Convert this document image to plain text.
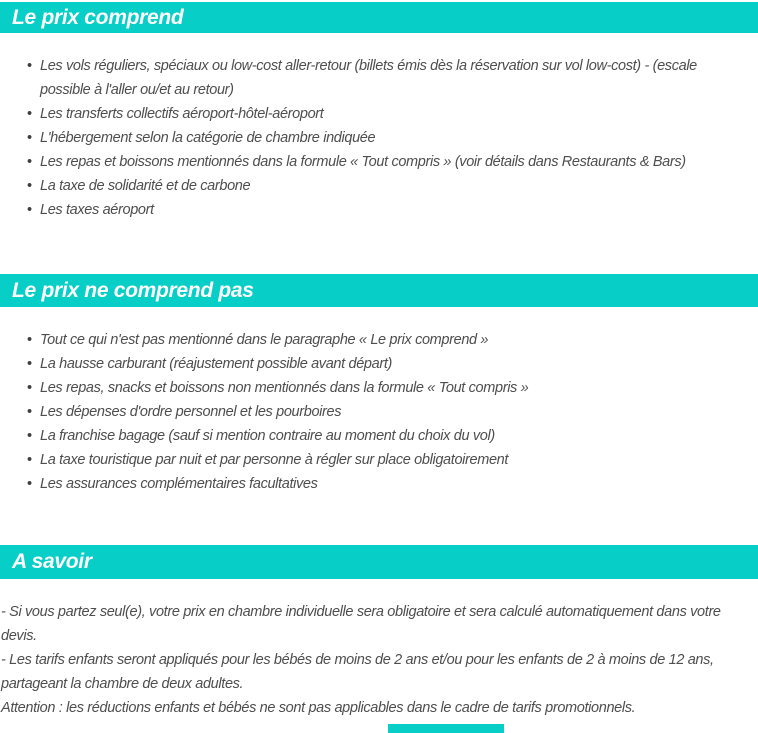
Le prix comprend
• Les vols réguliers, spéciaux ou low-cost aller-retour (billets émis dès la réservation sur vol low-cost) - (escale possible à l'aller ou/et au retour)
• Les transferts collectifs aéroport-hôtel-aéroport
• L'hébergement selon la catégorie de chambre indiquée
• Les repas et boissons mentionnés dans la formule « Tout compris » (voir détails dans Restaurants & Bars)
• La taxe de solidarité et de carbone
• Les taxes aéroport
Le prix ne comprend pas
• Tout ce qui n'est pas mentionné dans le paragraphe « Le prix comprend »
• La hausse carburant (réajustement possible avant départ)
• Les repas, snacks et boissons non mentionnés dans la formule « Tout compris »
• Les dépenses d'ordre personnel et les pourboires
• La franchise bagage (sauf si mention contraire au moment du choix du vol)
• La taxe touristique par nuit et par personne à régler sur place obligatoirement
• Les assurances complémentaires facultatives
A savoir

- Si vous partez seul(e), votre prix en chambre individuelle sera obligatoire et sera calculé automatiquement dans votre devis.

- Les tarifs enfants seront appliqués pour les bébés de moins de 2 ans et/ou pour les enfants de 2 à moins de 12 ans, partageant la chambre de deux adultes.

Attention : les réductions enfants et bébés ne sont pas applicables dans le cadre de tarifs promotionnels.
